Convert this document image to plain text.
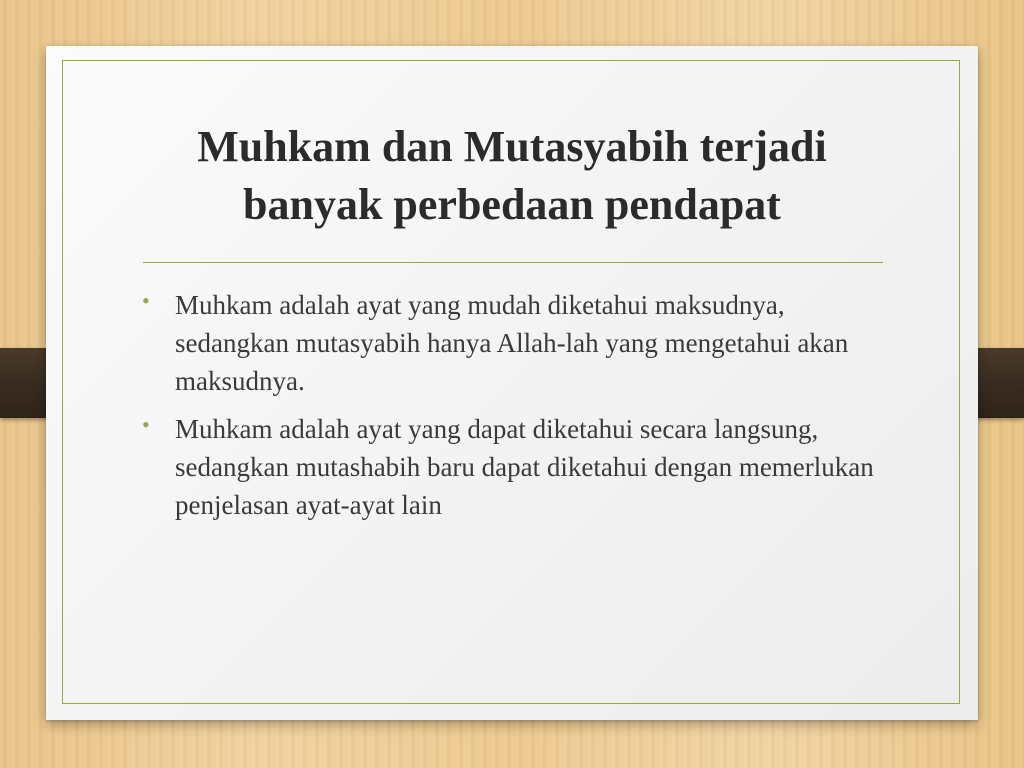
Muhkam dan Mutasyabih terjadi
banyak perbedaan pendapat
• Muhkam adalah ayat yang mudah diketahui maksudnya, sedangkan mutasyabih hanya Allah-lah yang mengetahui akan maksudnya.
• Muhkam adalah ayat yang dapat diketahui secara langsung, sedangkan mutashabih baru dapat diketahui dengan memerlukan penjelasan ayat-ayat lain
